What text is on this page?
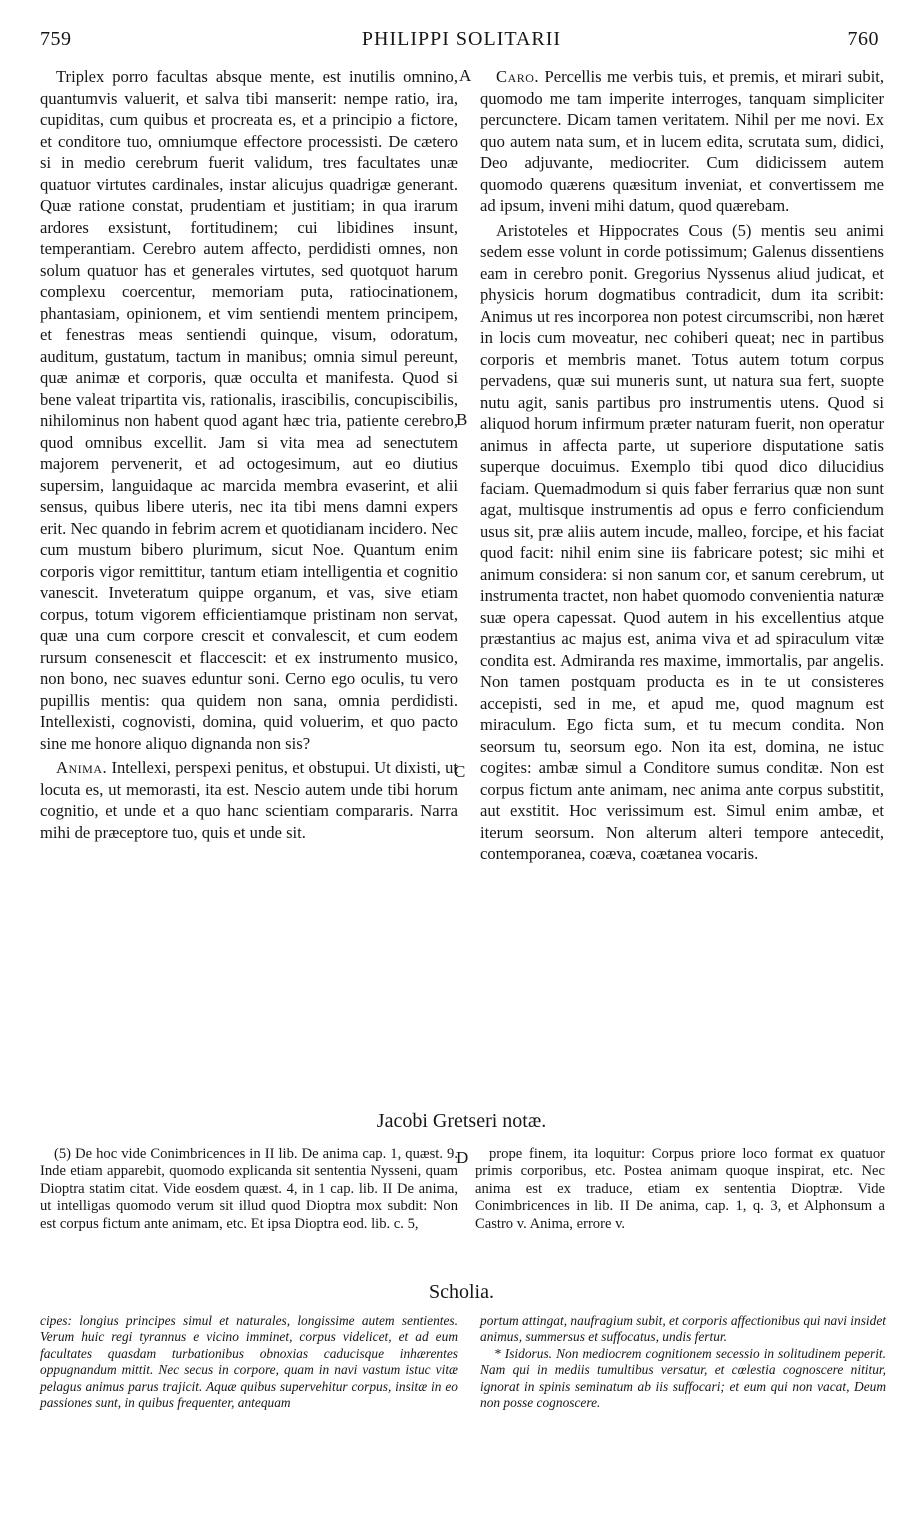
759	PHILIPPI SOLITARII	760
A
B
C
D

Triplex porro facultas absque mente, est inutilis omnino, quantumvis valuerit, et salva tibi manserit: nempe ratio, ira, cupiditas, cum quibus et procreata es, et a principio a fictore, et conditore tuo, omniumque effectore processisti. De cætero si in medio cerebrum fuerit validum, tres facultates unæ quatuor virtutes cardinales, instar alicujus quadrigæ generant. Quæ ratione constat, prudentiam et justitiam; in qua irarum ardores exsistunt, fortitudinem; cui libidines insunt, temperantiam. Cerebro autem affecto, perdidisti omnes, non solum quatuor has et generales virtutes, sed quotquot harum complexu coercentur, memoriam puta, ratiocinationem, phantasiam, opinionem, et vim sentiendi mentem principem, et fenestras meas sentiendi quinque, visum, odoratum, auditum, gustatum, tactum in manibus; omnia simul pereunt, quæ animæ et corporis, quæ occulta et manifesta. Quod si bene valeat tripartita vis, rationalis, irascibilis, concupiscibilis, nihilominus non habent quod agant hæc tria, patiente cerebro, quod omnibus excellit. Jam si vita mea ad senectutem majorem pervenerit, et ad octogesimum, aut eo diutius supersim, languidaque ac marcida membra evaserint, et alii sensus, quibus libere uteris, nec ita tibi mens damni expers erit. Nec quando in febrim acrem et quotidianam incidero. Nec cum mustum bibero plurimum, sicut Noe. Quantum enim corporis vigor remittitur, tantum etiam intelligentia et cognitio vanescit. Inveteratum quippe organum, et vas, sive etiam corpus, totum vigorem efficientiamque pristinam non servat, quæ una cum corpore crescit et convalescit, et cum eodem rursum consenescit et flaccescit: et ex instrumento musico, non bono, nec suaves eduntur soni. Cerno ego oculis, tu vero pupillis mentis: qua quidem non sana, omnia perdidisti. Intellexisti, cognovisti, domina, quid voluerim, et quo pacto sine me honore aliquo dignanda non sis?

Anima. Intellexi, perspexi penitus, et obstupui. Ut dixisti, ut locuta es, ut memorasti, ita est. Nescio autem unde tibi horum cognitio, et unde et a quo hanc scientiam compararis. Narra mihi de præceptore tuo, quis et unde sit.

Caro. Percellis me verbis tuis, et premis, et mirari subit, quomodo me tam imperite interroges, tanquam simpliciter percunctere. Dicam tamen veritatem. Nihil per me novi. Ex quo autem nata sum, et in lucem edita, scrutata sum, didici, Deo adjuvante, mediocriter. Cum didicissem autem quomodo quærens quæsitum inveniat, et convertissem me ad ipsum, inveni mihi datum, quod quærebam.

Aristoteles et Hippocrates Cous (5) mentis seu animi sedem esse volunt in corde potissimum; Galenus dissentiens eam in cerebro ponit. Gregorius Nyssenus aliud judicat, et physicis horum dogmatibus contradicit, dum ita scribit: Animus ut res incorporea non potest circumscribi, non hæret in locis cum moveatur, nec cohiberi queat; nec in partibus corporis et membris manet. Totus autem totum corpus pervadens, quæ sui muneris sunt, ut natura sua fert, suopte nutu agit, sanis partibus pro instrumentis utens. Quod si aliquod horum infirmum præter naturam fuerit, non operatur animus in affecta parte, ut superiore disputatione satis superque docuimus. Exemplo tibi quod dico dilucidius faciam. Quemadmodum si quis faber ferrarius quæ non sunt agat, multisque instrumentis ad opus e ferro conficiendum usus sit, præ aliis autem incude, malleo, forcipe, et his faciat quod facit: nihil enim sine iis fabricare potest; sic mihi et animum considera: si non sanum cor, et sanum cerebrum, ut instrumenta tractet, non habet quomodo convenientia naturæ suæ opera capessat. Quod autem in his excellentius atque præstantius ac majus est, anima viva et ad spiraculum vitæ condita est. Admiranda res maxime, immortalis, par angelis. Non tamen postquam producta es in te ut consisteres accepisti, sed in me, et apud me, quod magnum est miraculum. Ego ficta sum, et tu mecum condita. Non seorsum tu, seorsum ego. Non ita est, domina, ne istuc cogites: ambæ simul a Conditore sumus conditæ. Non est corpus fictum ante animam, nec anima ante corpus substitit, aut exstitit. Hoc verissimum est. Simul enim ambæ, et iterum seorsum. Non alterum alteri tempore antecedit, contemporanea, coæva, coætanea vocaris.

Jacobi Gretseri notæ.

(5) De hoc vide Conimbricences in II lib. De anima cap. 1, quæst. 9. Inde etiam apparebit, quomodo explicanda sit sententia Nysseni, quam Dioptra statim citat. Vide eosdem quæst. 4, in 1 cap. lib. II De anima, ut intelligas quomodo verum sit illud quod Dioptra mox subdit: Non est corpus fictum ante animam, etc. Et ipsa Dioptra eod. lib. c. 5,

prope finem, ita loquitur: Corpus priore loco format ex quatuor primis corporibus, etc. Postea animam quoque inspirat, etc. Nec anima est ex traduce, etiam ex sententia Dioptræ. Vide Conimbricences in lib. II De anima, cap. 1, q. 3, et Alphonsum a Castro v. Anima, errore v.

Scholia.

cipes: longius principes simul et naturales, longissime autem sentientes. Verum huic regi tyrannus e vicino imminet, corpus videlicet, et ad eum facultates quasdam turbationibus obnoxias caducisque inhærentes oppugnandum mittit. Nec secus in corpore, quam in navi vastum istuc vitæ pelagus animus parus trajicit. Aquæ quibus supervehitur corpus, insitæ in eo passiones sunt, in quibus frequenter, antequam

portum attingat, naufragium subit, et corporis affectionibus qui navi insidet animus, summersus et suffocatus, undis fertur.

* Isidorus. Non mediocrem cognitionem secessio in solitudinem peperit. Nam qui in mediis tumultibus versatur, et cœlestia cognoscere nititur, ignorat in spinis seminatum ab iis suffocari; et eum qui non vacat, Deum non posse cognoscere.
